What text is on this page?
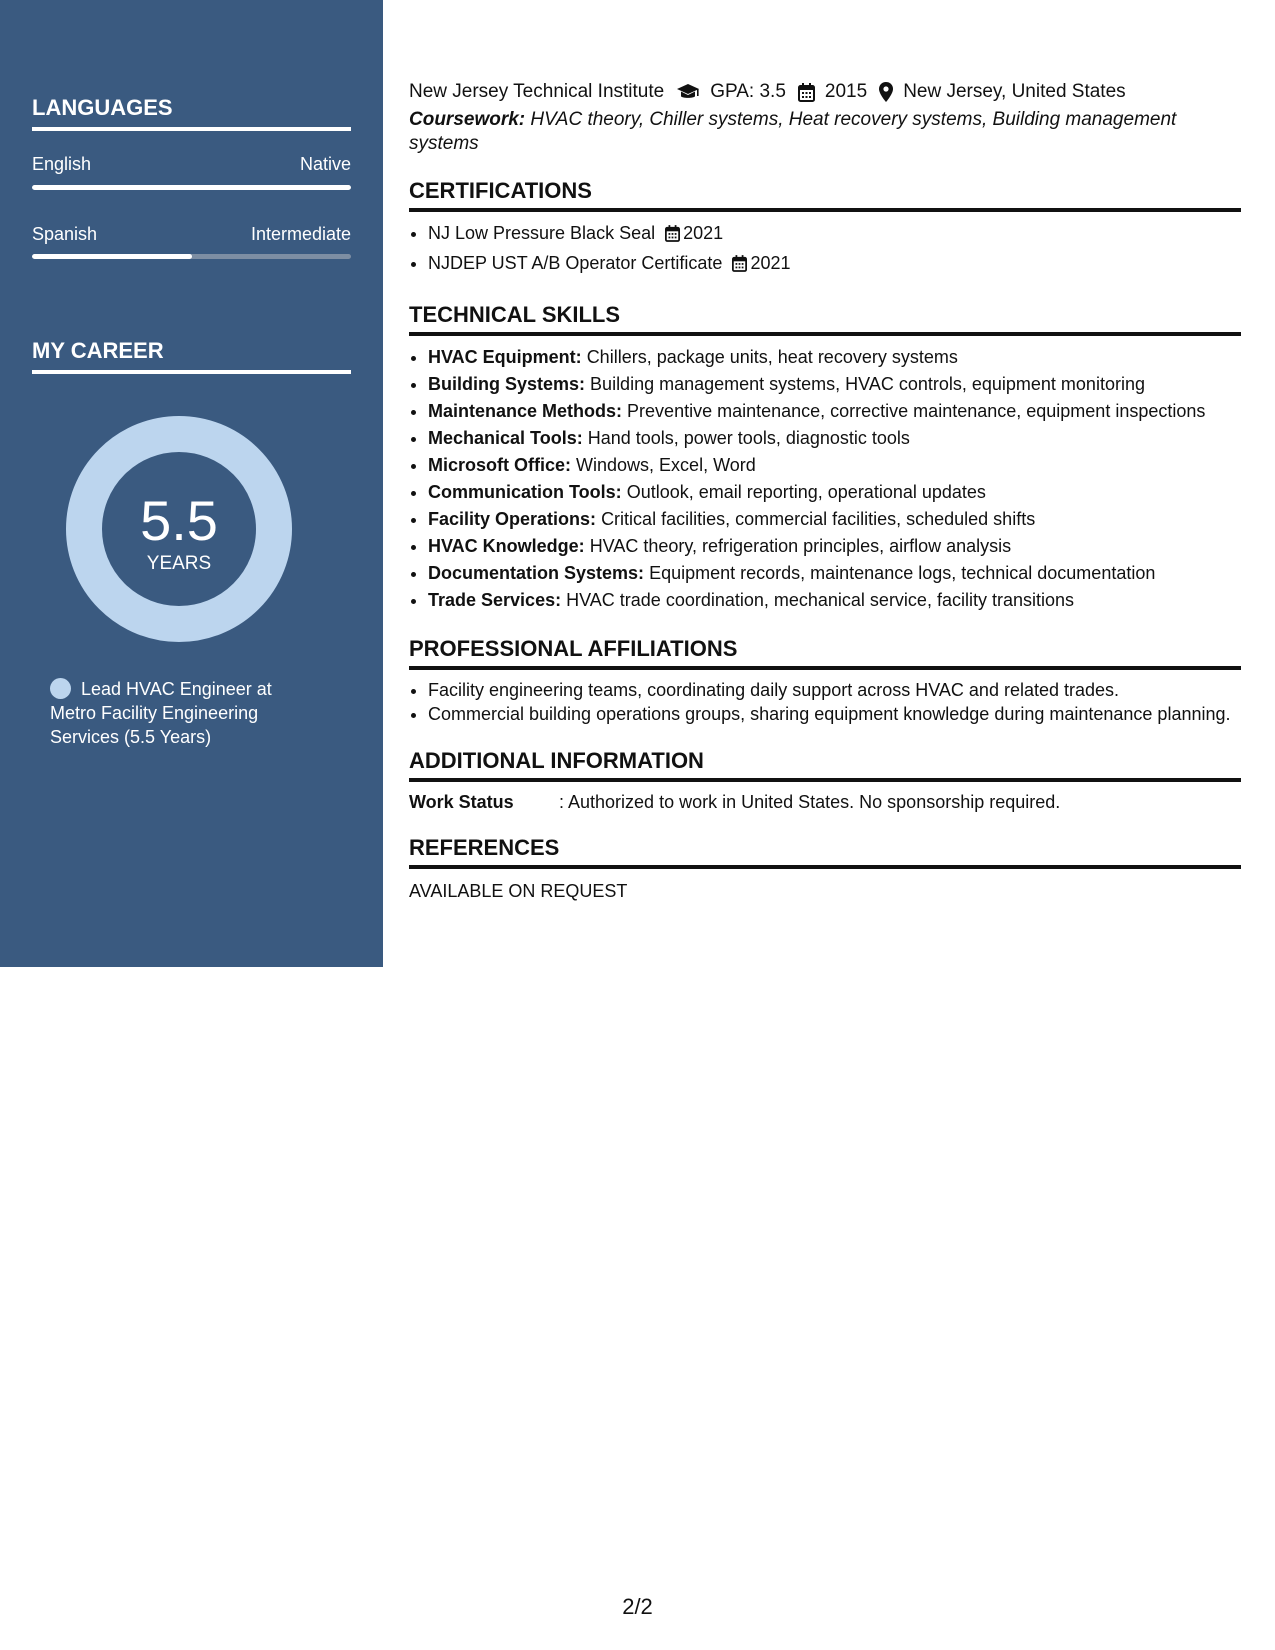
LANGUAGES
English	Native
Spanish	Intermediate
MY CAREER
5.5
YEARS
Lead HVAC Engineer at Metro Facility Engineering Services (5.5 Years)
New Jersey Technical Institute GPA: 3.5 2015 New Jersey, United States
Coursework: HVAC theory, Chiller systems, Heat recovery systems, Building management systems
CERTIFICATIONS
• NJ Low Pressure Black Seal 2021
• NJDEP UST A/B Operator Certificate 2021
TECHNICAL SKILLS
• HVAC Equipment: Chillers, package units, heat recovery systems
• Building Systems: Building management systems, HVAC controls, equipment monitoring
• Maintenance Methods: Preventive maintenance, corrective maintenance, equipment inspections
• Mechanical Tools: Hand tools, power tools, diagnostic tools
• Microsoft Office: Windows, Excel, Word
• Communication Tools: Outlook, email reporting, operational updates
• Facility Operations: Critical facilities, commercial facilities, scheduled shifts
• HVAC Knowledge: HVAC theory, refrigeration principles, airflow analysis
• Documentation Systems: Equipment records, maintenance logs, technical documentation
• Trade Services: HVAC trade coordination, mechanical service, facility transitions
PROFESSIONAL AFFILIATIONS
• Facility engineering teams, coordinating daily support across HVAC and related trades.
• Commercial building operations groups, sharing equipment knowledge during maintenance planning.
ADDITIONAL INFORMATION
Work Status	: Authorized to work in United States. No sponsorship required.
REFERENCES
AVAILABLE ON REQUEST
2/2
